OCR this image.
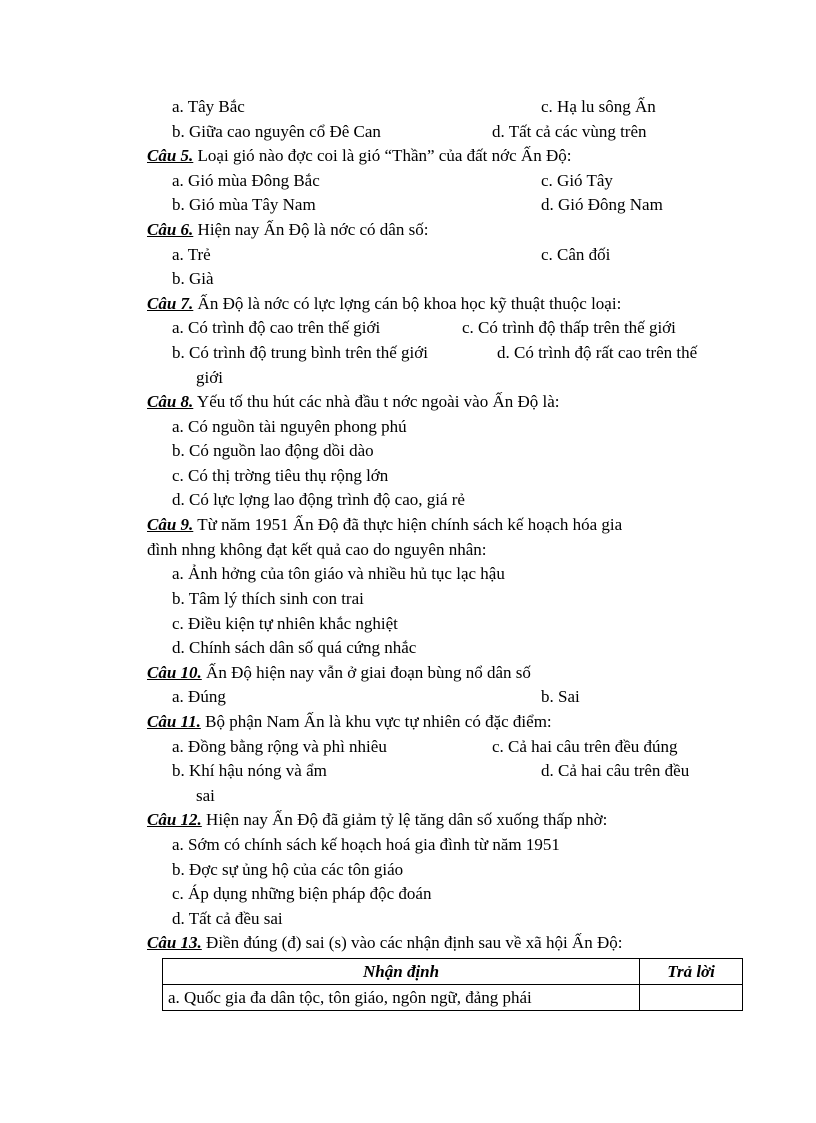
a. Tây Bắc	c. Hạ lu sông Ấn
b. Giữa cao nguyên cổ Đê Can	d. Tất cả các vùng trên
Câu 5. Loại gió nào đợc coi là gió “Thần” của đất nớc Ấn Độ:
a. Gió mùa Đông Bắc	c. Gió Tây
b. Gió mùa Tây Nam	d. Gió Đông Nam
Câu 6. Hiện nay Ấn Độ là nớc có dân số:
a. Trẻ	c. Cân đối
b. Già
Câu 7. Ấn Độ là nớc có lực lợng cán bộ khoa học kỹ thuật thuộc loại:
a. Có trình độ cao trên thế giới	c. Có trình độ thấp trên thế giới
b. Có trình độ trung bình trên thế giới	d. Có trình độ rất cao trên thế
giới
Câu 8. Yếu tố thu hút các nhà đầu t nớc ngoài vào Ấn Độ là:
a. Có nguồn tài nguyên phong phú
b. Có nguồn lao động dồi dào
c. Có thị trờng tiêu thụ rộng lớn
d. Có lực lợng lao động trình độ cao, giá rẻ
Câu 9. Từ năm 1951 Ấn Độ đã thực hiện chính sách kế hoạch hóa gia
đình nhng không đạt kết quả cao do nguyên nhân:
a. Ảnh hởng của tôn giáo và nhiều hủ tục lạc hậu
b. Tâm lý thích sinh con trai
c. Điều kiện tự nhiên khắc nghiệt
d. Chính sách dân số quá cứng nhắc
Câu 10. Ấn Độ hiện nay vẫn ở giai đoạn bùng nổ dân số
a. Đúng	b. Sai
Câu 11. Bộ phận Nam Ấn là khu vực tự nhiên có đặc điểm:
a. Đồng bằng rộng và phì nhiêu	c. Cả hai câu trên đều đúng
b. Khí hậu nóng và ẩm	d. Cả hai câu trên đều
sai
Câu 12. Hiện nay Ấn Độ đã giảm tỷ lệ tăng dân số xuống thấp nhờ:
a. Sớm có chính sách kế hoạch hoá gia đình từ năm 1951
b. Đợc sự ủng hộ của các tôn giáo
c. Áp dụng những biện pháp độc đoán
d. Tất cả đều sai
Câu 13. Điền đúng (đ) sai (s) vào các nhận định sau về xã hội Ấn Độ:
Nhận định	Trả lời
a. Quốc gia đa dân tộc, tôn giáo, ngôn ngữ, đảng phái	
